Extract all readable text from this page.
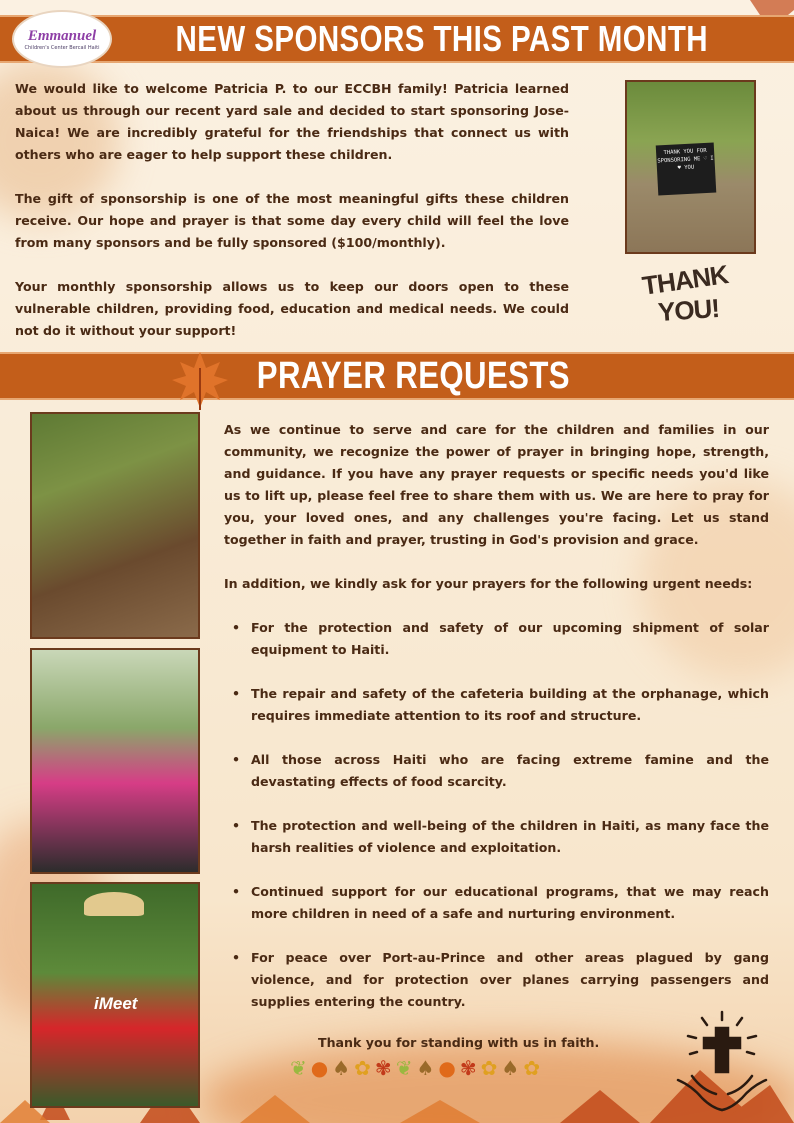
NEW SPONSORS THIS PAST MONTH
Emmanuel
Children's Center Bercail Haiti

We would like to welcome Patricia P. to our ECCBH family! Patricia learned about us through our recent yard sale and decided to start sponsoring Jose-Naica! We are incredibly grateful for the friendships that connect us with others who are eager to help support these children.

The gift of sponsorship is one of the most meaningful gifts these children receive. Our hope and prayer is that some day every child will feel the love from many sponsors and be fully sponsored ($100/monthly).

Your monthly sponsorship allows us to keep our doors open to these vulnerable children, providing food, education and medical needs. We could not do it without your support!

THANK YOU FOR SPONSORING ME ♡ I ♥ YOU
THANK
YOU!
PRAYER REQUESTS
iMeet

As we continue to serve and care for the children and families in our community, we recognize the power of prayer in bringing hope, strength, and guidance. If you have any prayer requests or specific needs you'd like us to lift up, please feel free to share them with us. We are here to pray for you, your loved ones, and any challenges you're facing. Let us stand together in faith and prayer, trusting in God's provision and grace.

In addition, we kindly ask for your prayers for the following urgent needs:

• For the protection and safety of our upcoming shipment of solar equipment to Haiti.
• The repair and safety of the cafeteria building at the orphanage, which requires immediate attention to its roof and structure.
• All those across Haiti who are facing extreme famine and the devastating effects of food scarcity.
• The protection and well-being of the children in Haiti, as many face the harsh realities of violence and exploitation.
• Continued support for our educational programs, that we may reach more children in need of a safe and nurturing environment.
• For peace over Port-au-Prince and other areas plagued by gang violence, and for protection over planes carrying passengers and supplies entering the country.

Thank you for standing with us in faith.

❦ ● ♠ ✿ ✾ ❦ ♠ ● ✾ ✿ ♠ ✿
